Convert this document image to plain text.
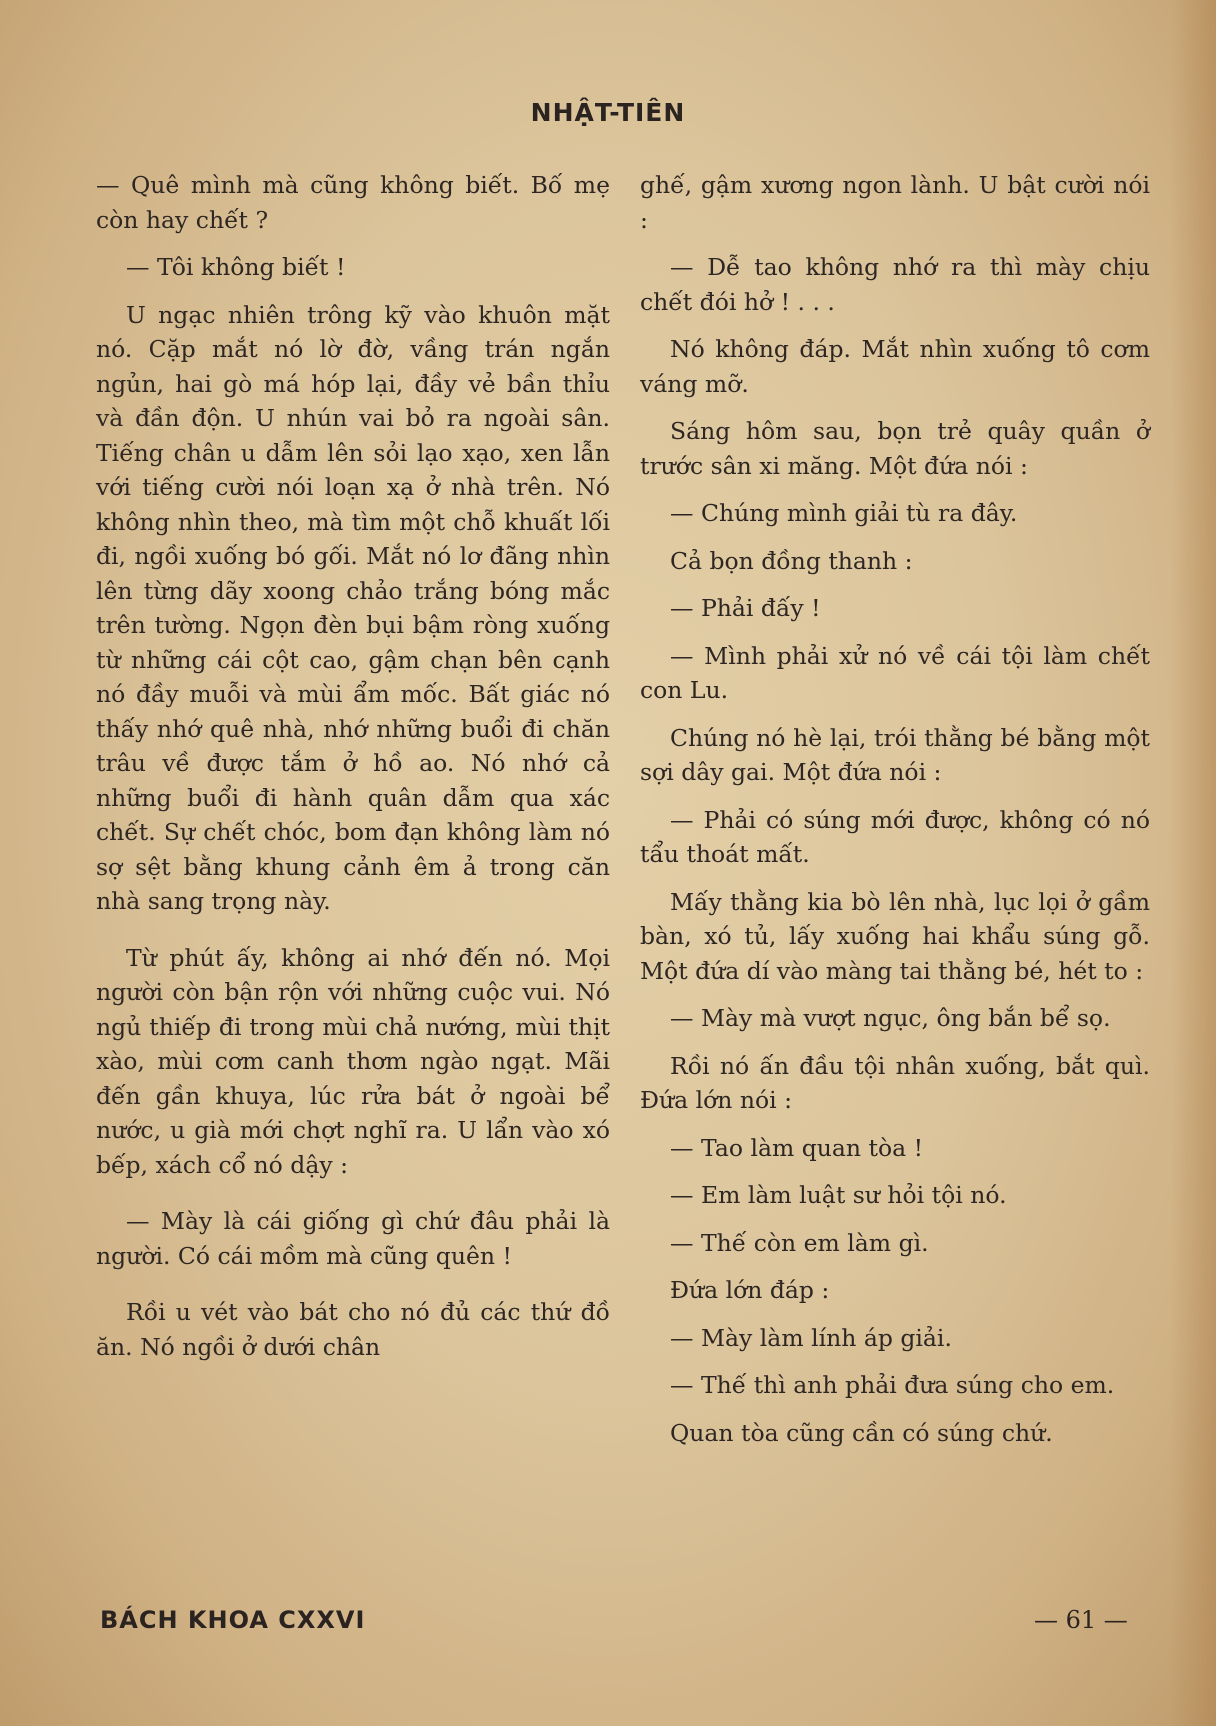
NHẬT-TIÊN

— Quê mình mà cũng không biết. Bố mẹ còn hay chết ?

— Tôi không biết !

U ngạc nhiên trông kỹ vào khuôn mặt nó. Cặp mắt nó lờ đờ, vầng trán ngắn ngủn, hai gò má hóp lại, đầy vẻ bần thỉu và đần độn. U nhún vai bỏ ra ngoài sân. Tiếng chân u dẫm lên sỏi lạo xạo, xen lẫn với tiếng cười nói loạn xạ ở nhà trên. Nó không nhìn theo, mà tìm một chỗ khuất lối đi, ngồi xuống bó gối. Mắt nó lơ đãng nhìn lên từng dãy xoong chảo trắng bóng mắc trên tường. Ngọn đèn bụi bậm ròng xuống từ những cái cột cao, gậm chạn bên cạnh nó đầy muỗi và mùi ẩm mốc. Bất giác nó thấy nhớ quê nhà, nhớ những buổi đi chăn trâu về được tắm ở hồ ao. Nó nhớ cả những buổi đi hành quân dẫm qua xác chết. Sự chết chóc, bom đạn không làm nó sợ sệt bằng khung cảnh êm ả trong căn nhà sang trọng này.

Từ phút ấy, không ai nhớ đến nó. Mọi người còn bận rộn với những cuộc vui. Nó ngủ thiếp đi trong mùi chả nướng, mùi thịt xào, mùi cơm canh thơm ngào ngạt. Mãi đến gần khuya, lúc rửa bát ở ngoài bể nước, u già mới chợt nghĩ ra. U lẩn vào xó bếp, xách cổ nó dậy :

— Mày là cái giống gì chứ đâu phải là người. Có cái mồm mà cũng quên !

Rồi u vét vào bát cho nó đủ các thứ đồ ăn. Nó ngồi ở dưới chân

ghế, gậm xương ngon lành. U bật cười nói :

— Dễ tao không nhớ ra thì mày chịu chết đói hở ! . . .

Nó không đáp. Mắt nhìn xuống tô cơm váng mỡ.

Sáng hôm sau, bọn trẻ quây quần ở trước sân xi măng. Một đứa nói :

— Chúng mình giải tù ra đây.

Cả bọn đồng thanh :

— Phải đấy !

— Mình phải xử nó về cái tội làm chết con Lu.

Chúng nó hè lại, trói thằng bé bằng một sợi dây gai. Một đứa nói :

— Phải có súng mới được, không có nó tẩu thoát mất.

Mấy thằng kia bò lên nhà, lục lọi ở gầm bàn, xó tủ, lấy xuống hai khẩu súng gỗ. Một đứa dí vào màng tai thằng bé, hét to :

— Mày mà vượt ngục, ông bắn bể sọ.

Rồi nó ấn đầu tội nhân xuống, bắt quì. Đứa lớn nói :

— Tao làm quan tòa !

— Em làm luật sư hỏi tội nó.

— Thế còn em làm gì.

Đứa lớn đáp :

— Mày làm lính áp giải.

— Thế thì anh phải đưa súng cho em.

Quan tòa cũng cần có súng chứ.

BÁCH KHOA CXXVI	— 61 —
